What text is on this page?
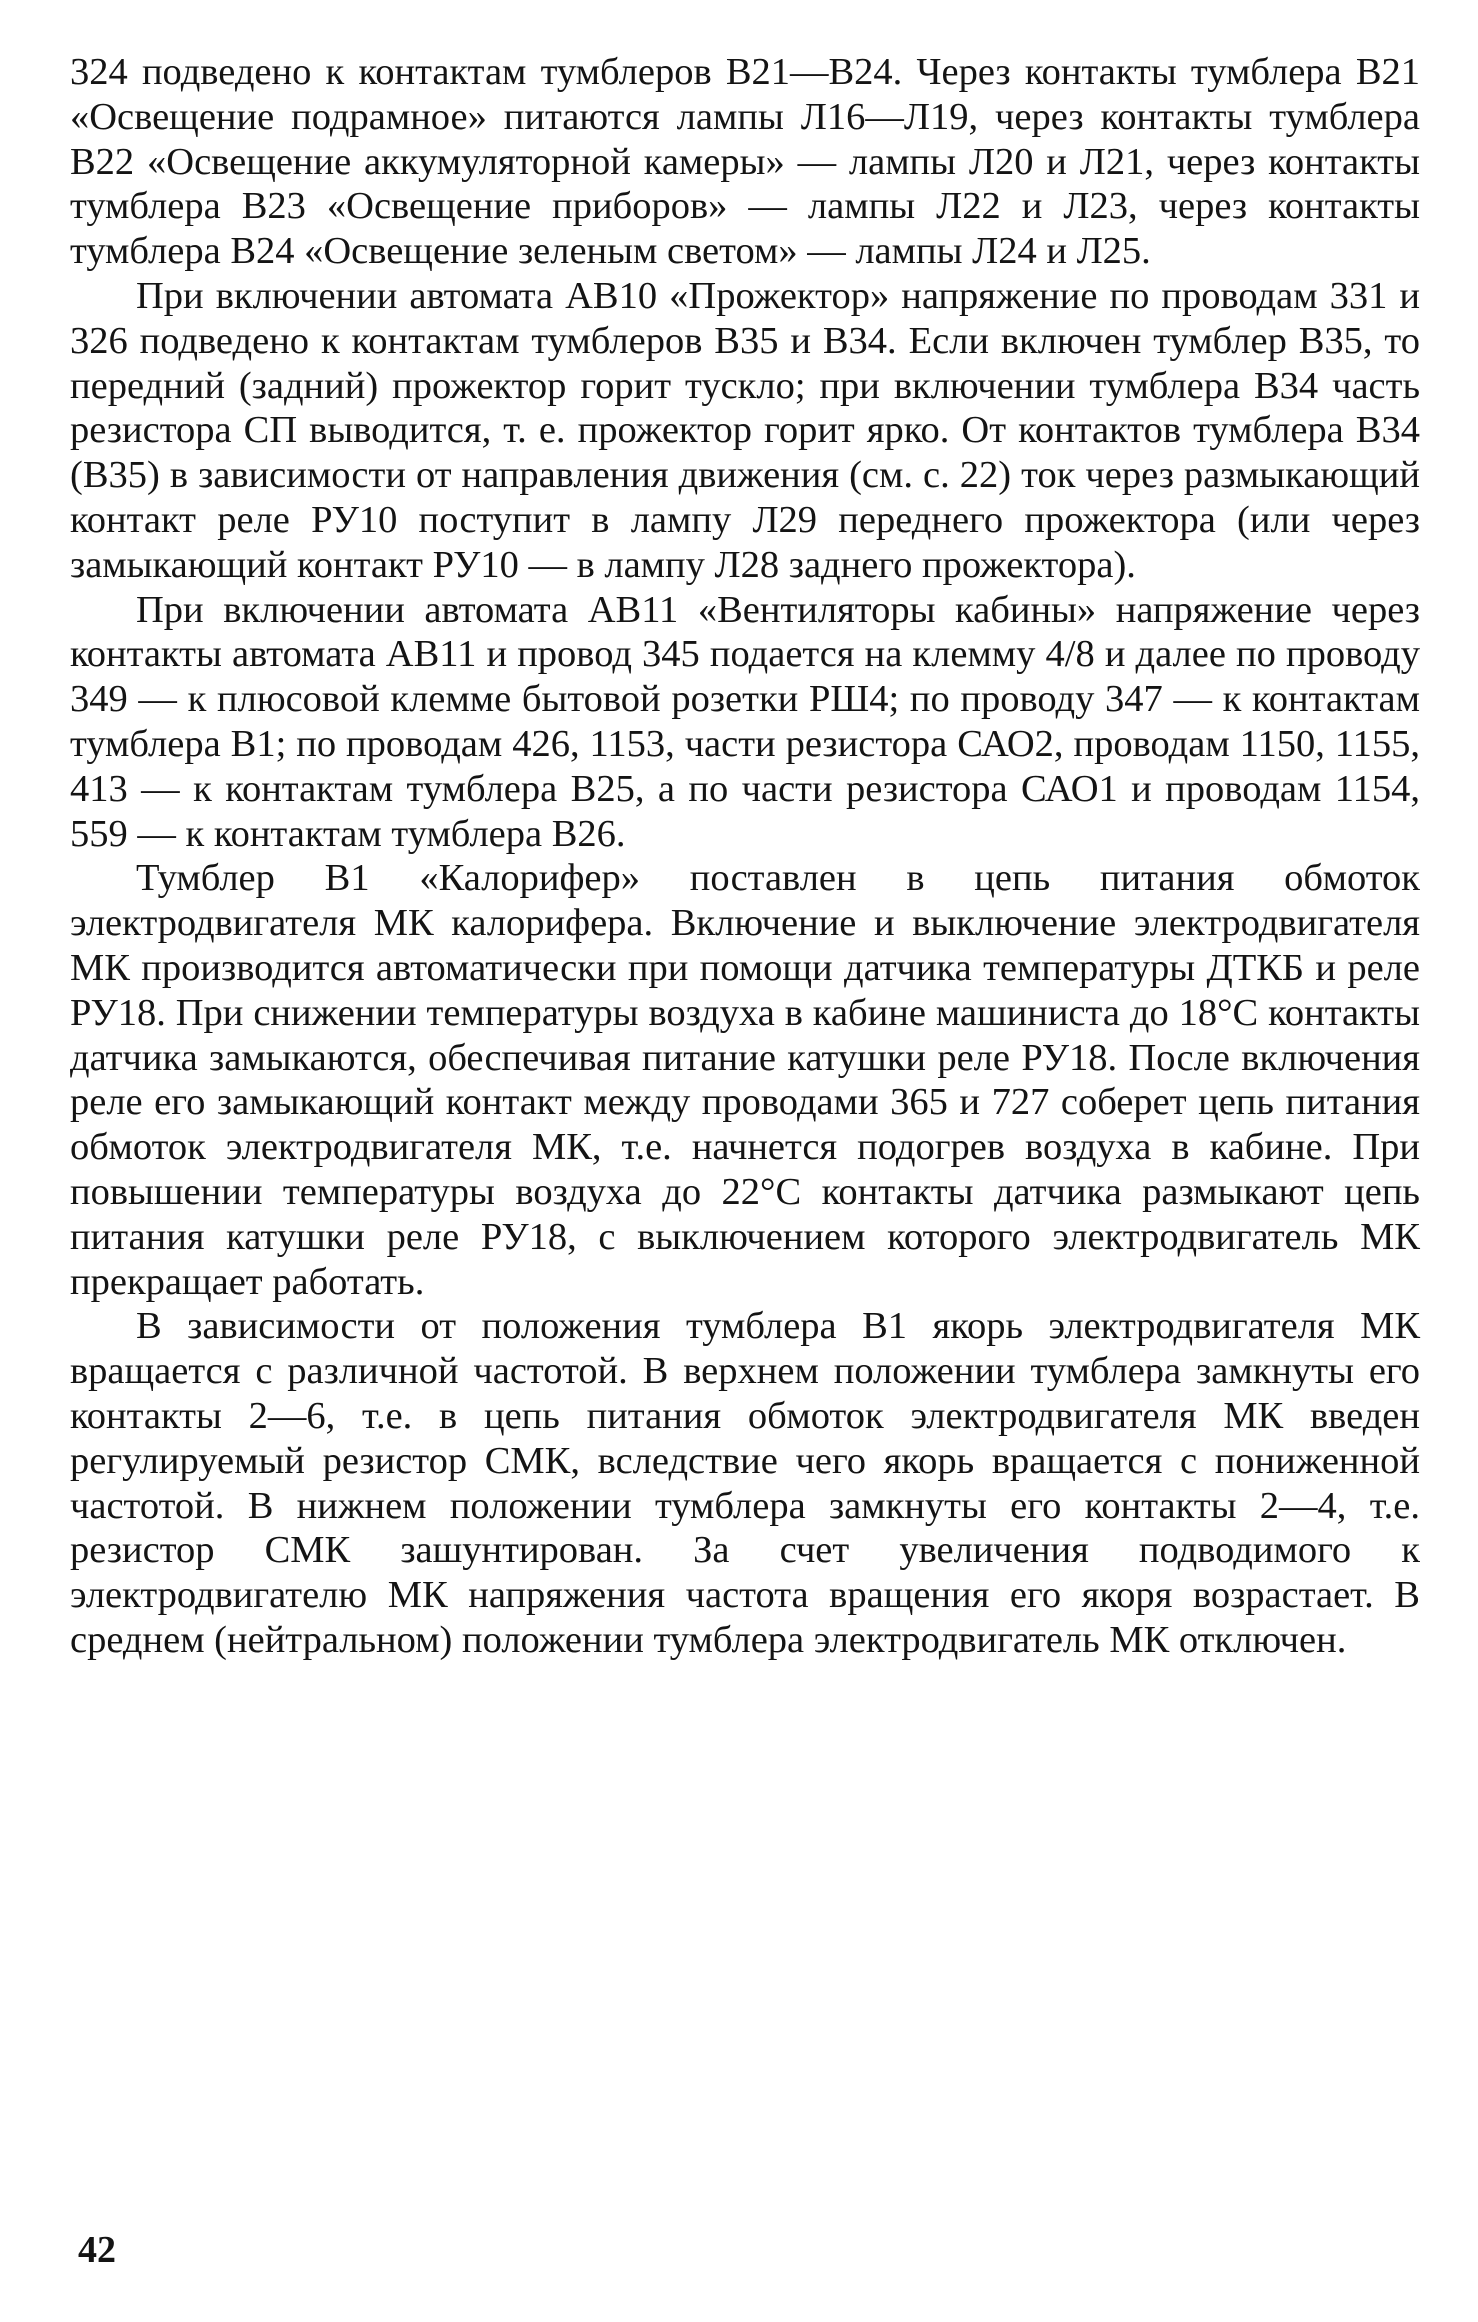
324 подведено к контактам тумблеров В21—В24. Через контакты тумблера В21 «Освещение подрамное» питаются лампы Л16—Л19, через контакты тумблера В22 «Освещение аккумуляторной камеры» — лампы Л20 и Л21, через контакты тумблера В23 «Освещение приборов» — лампы Л22 и Л23, через контакты тумблера В24 «Освещение зеленым светом» — лампы Л24 и Л25.

При включении автомата АВ10 «Прожектор» напряжение по проводам 331 и 326 подведено к контактам тумблеров В35 и В34. Если включен тумблер В35, то передний (задний) прожектор горит тускло; при включении тумблера В34 часть резистора СП выводится, т. е. прожектор горит ярко. От контактов тумблера В34 (В35) в зависимости от направления движения (см. с. 22) ток через размыкающий контакт реле РУ10 поступит в лампу Л29 переднего прожектора (или через замыкающий контакт РУ10 — в лампу Л28 заднего прожектора).

При включении автомата АВ11 «Вентиляторы кабины» напряжение через контакты автомата АВ11 и провод 345 подается на клемму 4/8 и далее по проводу 349 — к плюсовой клемме бытовой розетки РШ4; по проводу 347 — к контактам тумблера В1; по проводам 426, 1153, части резистора САО2, проводам 1150, 1155, 413 — к контактам тумблера В25, а по части резистора САО1 и проводам 1154, 559 — к контактам тумблера В26.

Тумблер В1 «Калорифер» поставлен в цепь питания обмоток электродвигателя МК калорифера. Включение и выключение электродвигателя МК производится автоматически при помощи датчика температуры ДТКБ и реле РУ18. При снижении температуры воздуха в кабине машиниста до 18°С контакты датчика замыкаются, обеспечивая питание катушки реле РУ18. После включения реле его замыкающий контакт между проводами 365 и 727 соберет цепь питания обмоток электродвигателя МК, т.е. начнется подогрев воздуха в кабине. При повышении температуры воздуха до 22°С контакты датчика размыкают цепь питания катушки реле РУ18, с выключением которого электродвигатель МК прекращает работать.

В зависимости от положения тумблера В1 якорь электродвигателя МК вращается с различной частотой. В верхнем положении тумблера замкнуты его контакты 2—6, т.е. в цепь питания обмоток электродвигателя МК введен регулируемый резистор СМК, вследствие чего якорь вращается с пониженной частотой. В нижнем положении тумблера замкнуты его контакты 2—4, т.е. резистор СМК зашунтирован. За счет увеличения подводимого к электродвигателю МК напряжения частота вращения его якоря возрастает. В среднем (нейтральном) положении тумблера электродвигатель МК отключен.

42
